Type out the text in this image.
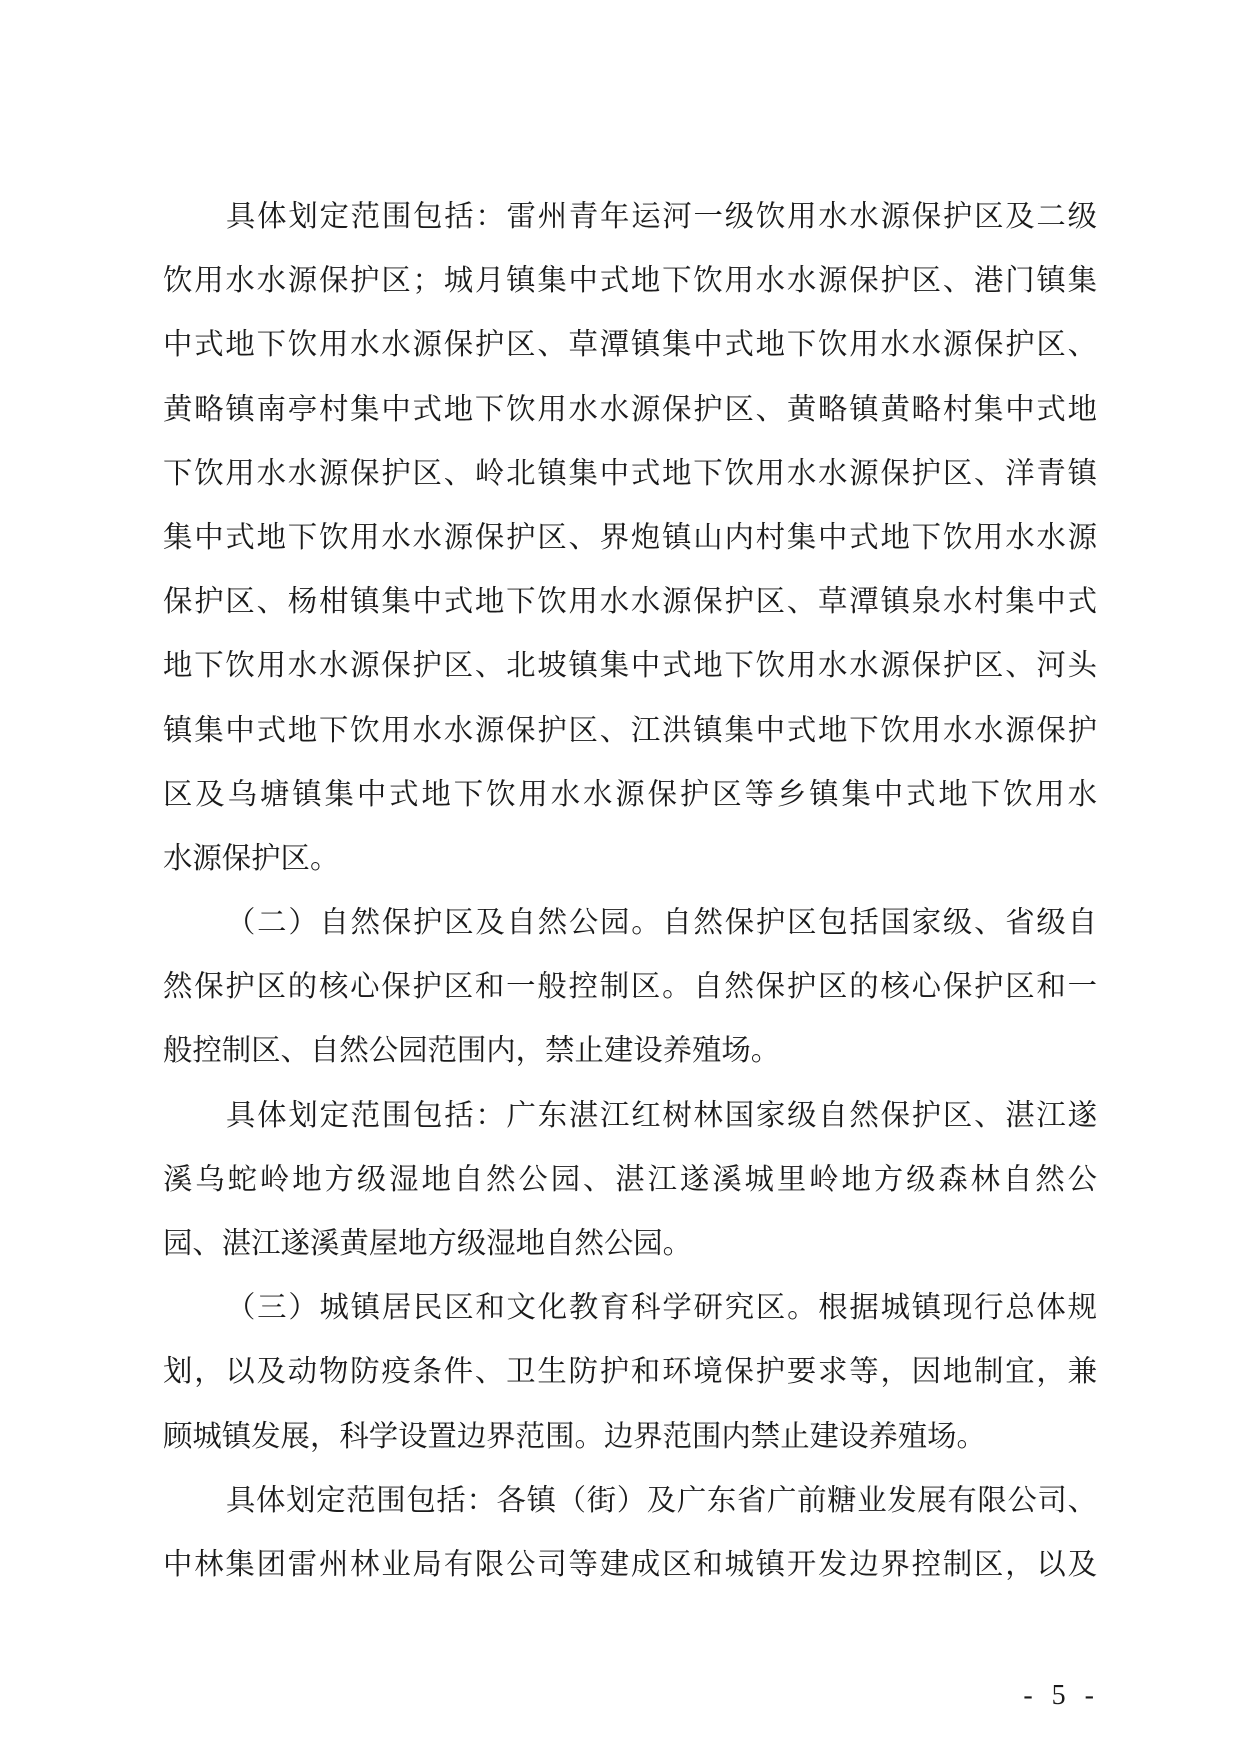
具体划定范围包括：雷州青年运河一级饮用水水源保护区及二级
饮用水水源保护区；城月镇集中式地下饮用水水源保护区、港门镇集
中式地下饮用水水源保护区、草潭镇集中式地下饮用水水源保护区、
黄略镇南亭村集中式地下饮用水水源保护区、黄略镇黄略村集中式地
下饮用水水源保护区、岭北镇集中式地下饮用水水源保护区、洋青镇
集中式地下饮用水水源保护区、界炮镇山内村集中式地下饮用水水源
保护区、杨柑镇集中式地下饮用水水源保护区、草潭镇泉水村集中式
地下饮用水水源保护区、北坡镇集中式地下饮用水水源保护区、河头
镇集中式地下饮用水水源保护区、江洪镇集中式地下饮用水水源保护
区及乌塘镇集中式地下饮用水水源保护区等乡镇集中式地下饮用水
水源保护区。
（二）自然保护区及自然公园。自然保护区包括国家级、省级自
然保护区的核心保护区和一般控制区。自然保护区的核心保护区和一
般控制区、自然公园范围内，禁止建设养殖场。
具体划定范围包括：广东湛江红树林国家级自然保护区、湛江遂
溪乌蛇岭地方级湿地自然公园、湛江遂溪城里岭地方级森林自然公
园、湛江遂溪黄屋地方级湿地自然公园。
（三）城镇居民区和文化教育科学研究区。根据城镇现行总体规
划，以及动物防疫条件、卫生防护和环境保护要求等，因地制宜，兼
顾城镇发展，科学设置边界范围。边界范围内禁止建设养殖场。
具体划定范围包括：各镇（街）及广东省广前糖业发展有限公司、
中林集团雷州林业局有限公司等建成区和城镇开发边界控制区，以及
- 5 -
